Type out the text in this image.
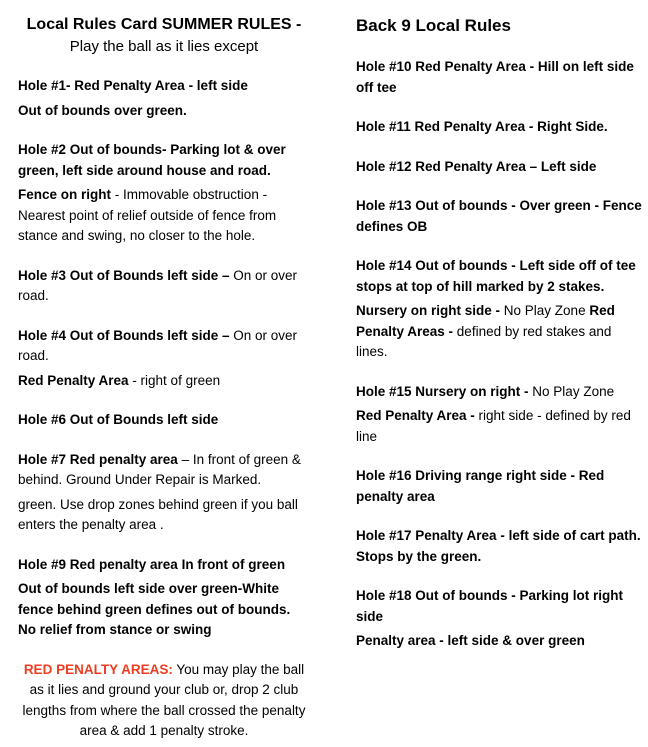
Local Rules Card SUMMER RULES -
Play the ball as it lies except

Hole #1- Red Penalty Area - left side

Out of bounds over green.

Hole #2 Out of bounds- Parking lot & over green, left side around house and road.

Fence on right - Immovable obstruction - Nearest point of relief outside of fence from stance and swing, no closer to the hole.

Hole #3 Out of Bounds left side – On or over road.

Hole #4 Out of Bounds left side – On or over road.

Red Penalty Area - right of green

Hole #6 Out of Bounds left side

Hole #7 Red penalty area – In front of green & behind. Ground Under Repair is Marked.

green. Use drop zones behind green if you ball enters the penalty area .

Hole #9 Red penalty area In front of green

Out of bounds left side over green-White fence behind green defines out of bounds. No relief from stance or swing

RED PENALTY AREAS: You may play the ball as it lies and ground your club or, drop 2 club lengths from where the ball crossed the penalty area & add 1 penalty stroke.

Back 9 Local Rules

Hole #10 Red Penalty Area - Hill on left side off tee

Hole #11 Red Penalty Area - Right Side.

Hole #12 Red Penalty Area – Left side

Hole #13 Out of bounds - Over green - Fence defines OB

Hole #14 Out of bounds - Left side off of tee stops at top of hill marked by 2 stakes.

Nursery on right side - No Play Zone Red Penalty Areas - defined by red stakes and lines.

Hole #15 Nursery on right - No Play Zone

Red Penalty Area - right side - defined by red line

Hole #16 Driving range right side - Red penalty area

Hole #17 Penalty Area - left side of cart path. Stops by the green.

Hole #18 Out of bounds - Parking lot right side

Penalty area - left side & over green
